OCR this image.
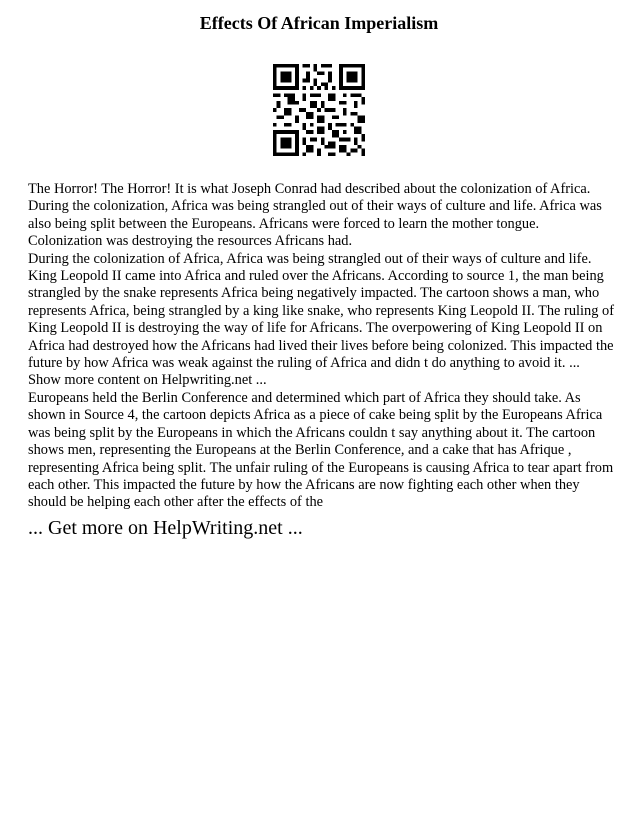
Effects Of African Imperialism

The Horror! The Horror! It is what Joseph Conrad had described about the colonization of Africa. During the colonization, Africa was being strangled out of their ways of culture and life. Africa was also being split between the Europeans. Africans were forced to learn the mother tongue. Colonization was destroying the resources Africans had.

During the colonization of Africa, Africa was being strangled out of their ways of culture and life. King Leopold II came into Africa and ruled over the Africans. According to source 1, the man being strangled by the snake represents Africa being negatively impacted. The cartoon shows a man, who represents Africa, being strangled by a king like snake, who represents King Leopold II. The ruling of King Leopold II is destroying the way of life for Africans. The overpowering of King Leopold II on Africa had destroyed how the Africans had lived their lives before being colonized. This impacted the future by how Africa was weak against the ruling of Africa and didn t do anything to avoid it. ... Show more content on Helpwriting.net ...

Europeans held the Berlin Conference and determined which part of Africa they should take. As shown in Source 4, the cartoon depicts Africa as a piece of cake being split by the Europeans Africa was being split by the Europeans in which the Africans couldn t say anything about it. The cartoon shows men, representing the Europeans at the Berlin Conference, and a cake that has Afrique , representing Africa being split. The unfair ruling of the Europeans is causing Africa to tear apart from each other. This impacted the future by how the Africans are now fighting each other when they should be helping each other after the effects of the

... Get more on HelpWriting.net ...
